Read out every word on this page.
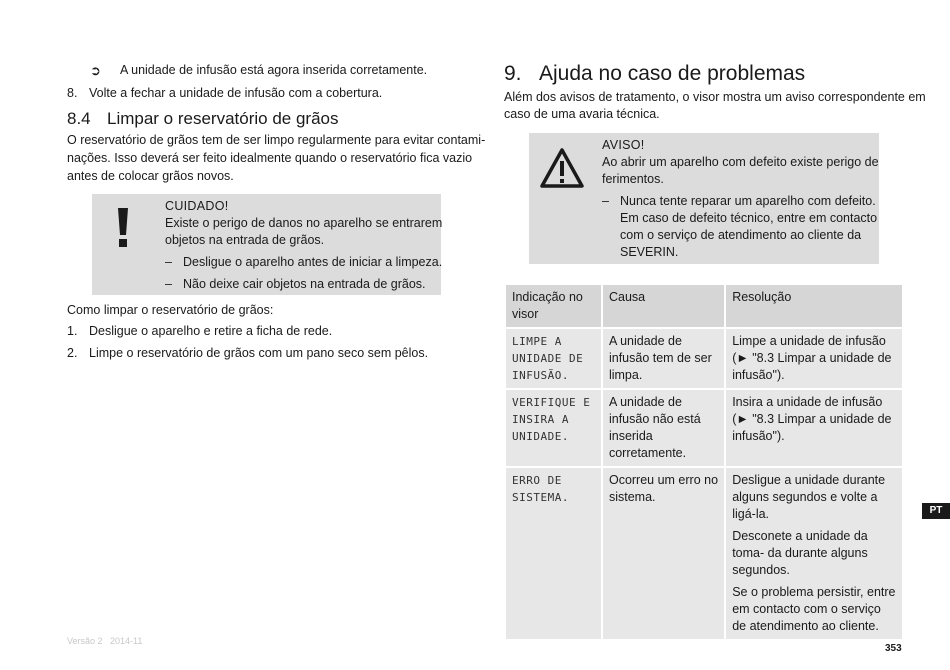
➲ A unidade de infusão está agora inserida corretamente.
8. Volte a fechar a unidade de infusão com a cobertura.
8.4 Limpar o reservatório de grãos
O reservatório de grãos tem de ser limpo regularmente para evitar contami-
nações. Isso deverá ser feito idealmente quando o reservatório fica vazio
antes de colocar grãos novos.
CUIDADO!
Existe o perigo de danos no aparelho se entrarem
objetos na entrada de grãos.
– Desligue o aparelho antes de iniciar a limpeza.
– Não deixe cair objetos na entrada de grãos.
Como limpar o reservatório de grãos:
1. Desligue o aparelho e retire a ficha de rede.
2. Limpe o reservatório de grãos com um pano seco sem pêlos.
Versão 2   2014-11
9. Ajuda no caso de problemas
Além dos avisos de tratamento, o visor mostra um aviso correspondente em
caso de uma avaria técnica.
AVISO!
Ao abrir um aparelho com defeito existe perigo de
ferimentos.
– Nunca tente reparar um aparelho com defeito.
Em caso de defeito técnico, entre em contacto
com o serviço de atendimento ao cliente da
SEVERIN.
Indicação no visor	Causa	Resolução
LIMPE A UNIDADE DE INFUSÃO.	A unidade de infusão tem de ser limpa.	Limpe a unidade de infusão (► "8.3 Limpar a unidade de infusão").

VERIFIQUE E INSIRA A UNIDADE.	A unidade de infusão não está inserida corretamente.	Insira a unidade de infusão (► "8.3 Limpar a unidade de infusão").

ERRO DE SISTEMA.	Ocorreu um erro no sistema.	Desligue a unidade durante alguns segundos e volte a ligá-la.
Desconete a unidade da toma- da durante alguns segundos.
Se o problema persistir, entre em contacto com o serviço de atendimento ao cliente.
PT
353
